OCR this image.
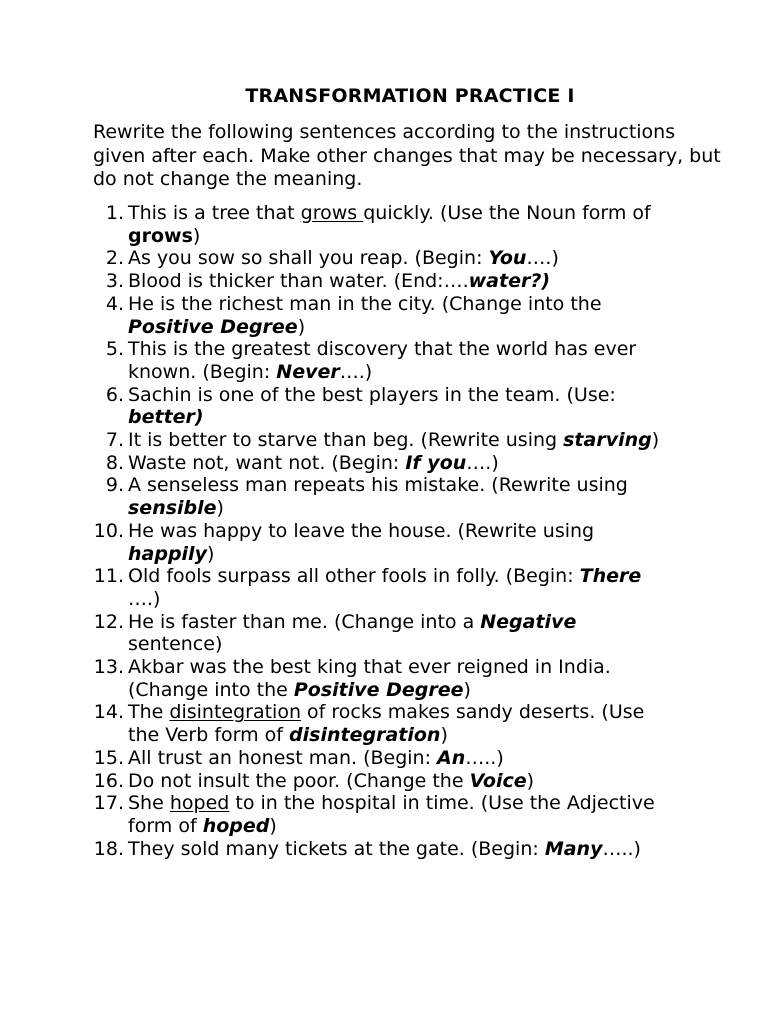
TRANSFORMATION PRACTICE I

Rewrite the following sentences according to the instructions given after each. Make other changes that may be necessary, but do not change the meaning.

1. This is a tree that grows quickly. (Use the Noun form of grows)
2. As you sow so shall you reap. (Begin: You….)
3. Blood is thicker than water. (End:….water?)
4. He is the richest man in the city. (Change into the Positive Degree)
5. This is the greatest discovery that the world has ever known. (Begin: Never….)
6. Sachin is one of the best players in the team. (Use: better)
7. It is better to starve than beg. (Rewrite using starving)
8. Waste not, want not. (Begin: If you….)
9. A senseless man repeats his mistake. (Rewrite using sensible)
10. He was happy to leave the house. (Rewrite using happily)
11. Old fools surpass all other fools in folly. (Begin: There ….)
12. He is faster than me. (Change into a Negative sentence)
13. Akbar was the best king that ever reigned in India. (Change into the Positive Degree)
14. The disintegration of rocks makes sandy deserts. (Use the Verb form of disintegration)
15. All trust an honest man. (Begin: An…..)
16. Do not insult the poor. (Change the Voice)
17. She hoped to in the hospital in time. (Use the Adjective form of hoped)
18. They sold many tickets at the gate. (Begin: Many…..)
